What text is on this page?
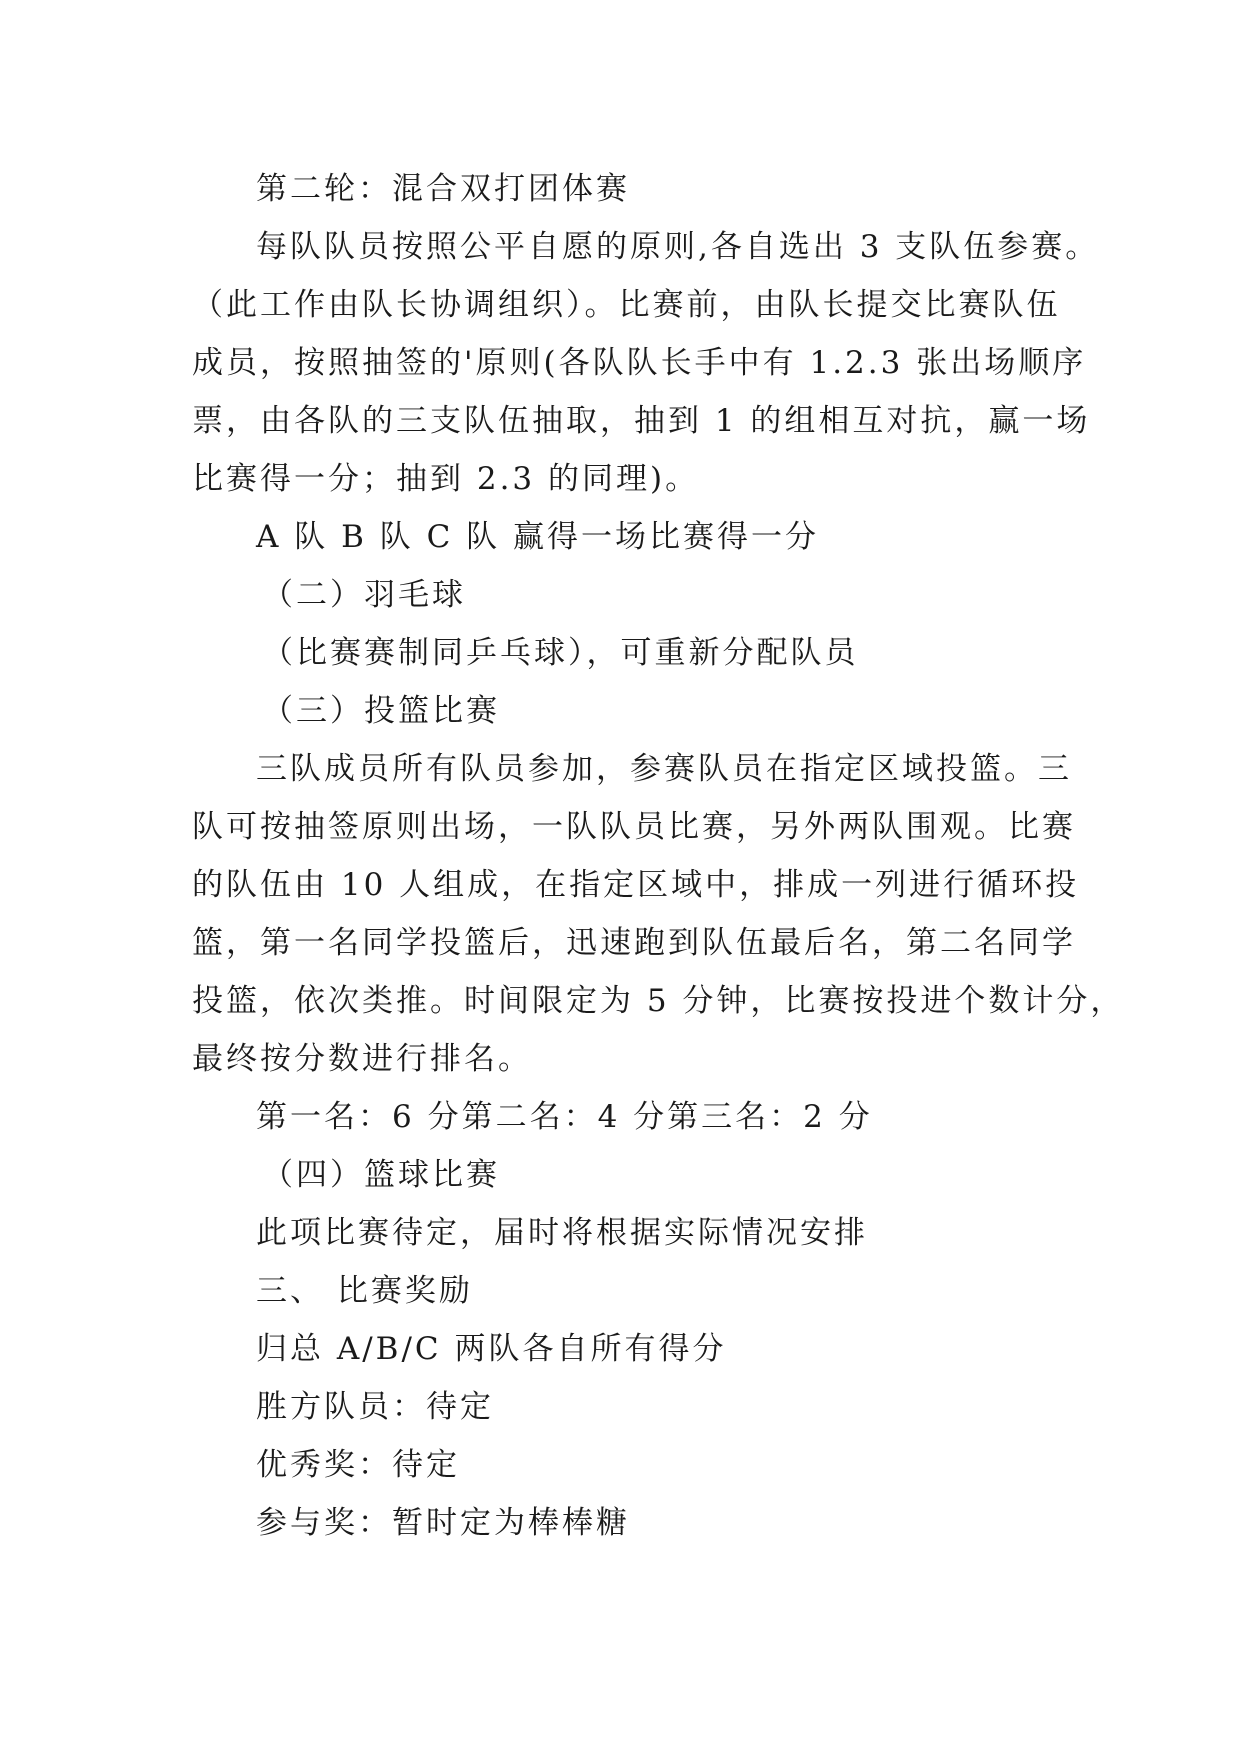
第二轮：混合双打团体赛
每队队员按照公平自愿的原则,各自选出 3 支队伍参赛。
（此工作由队长协调组织）。比赛前，由队长提交比赛队伍
成员，按照抽签的'原则(各队队长手中有 1.2.3 张出场顺序
票，由各队的三支队伍抽取，抽到 1 的组相互对抗，赢一场
比赛得一分；抽到 2.3 的同理)。
A 队 B 队 C 队 赢得一场比赛得一分
（二）羽毛球
（比赛赛制同乒乓球），可重新分配队员
（三）投篮比赛
三队成员所有队员参加，参赛队员在指定区域投篮。三
队可按抽签原则出场，一队队员比赛，另外两队围观。比赛
的队伍由 10 人组成，在指定区域中，排成一列进行循环投
篮，第一名同学投篮后，迅速跑到队伍最后名，第二名同学
投篮，依次类推。时间限定为 5 分钟，比赛按投进个数计分，
最终按分数进行排名。
第一名：6 分第二名：4 分第三名：2 分
（四）篮球比赛
此项比赛待定，届时将根据实际情况安排
三、 比赛奖励
归总 A/B/C 两队各自所有得分
胜方队员：待定
优秀奖：待定
参与奖：暂时定为棒棒糖
